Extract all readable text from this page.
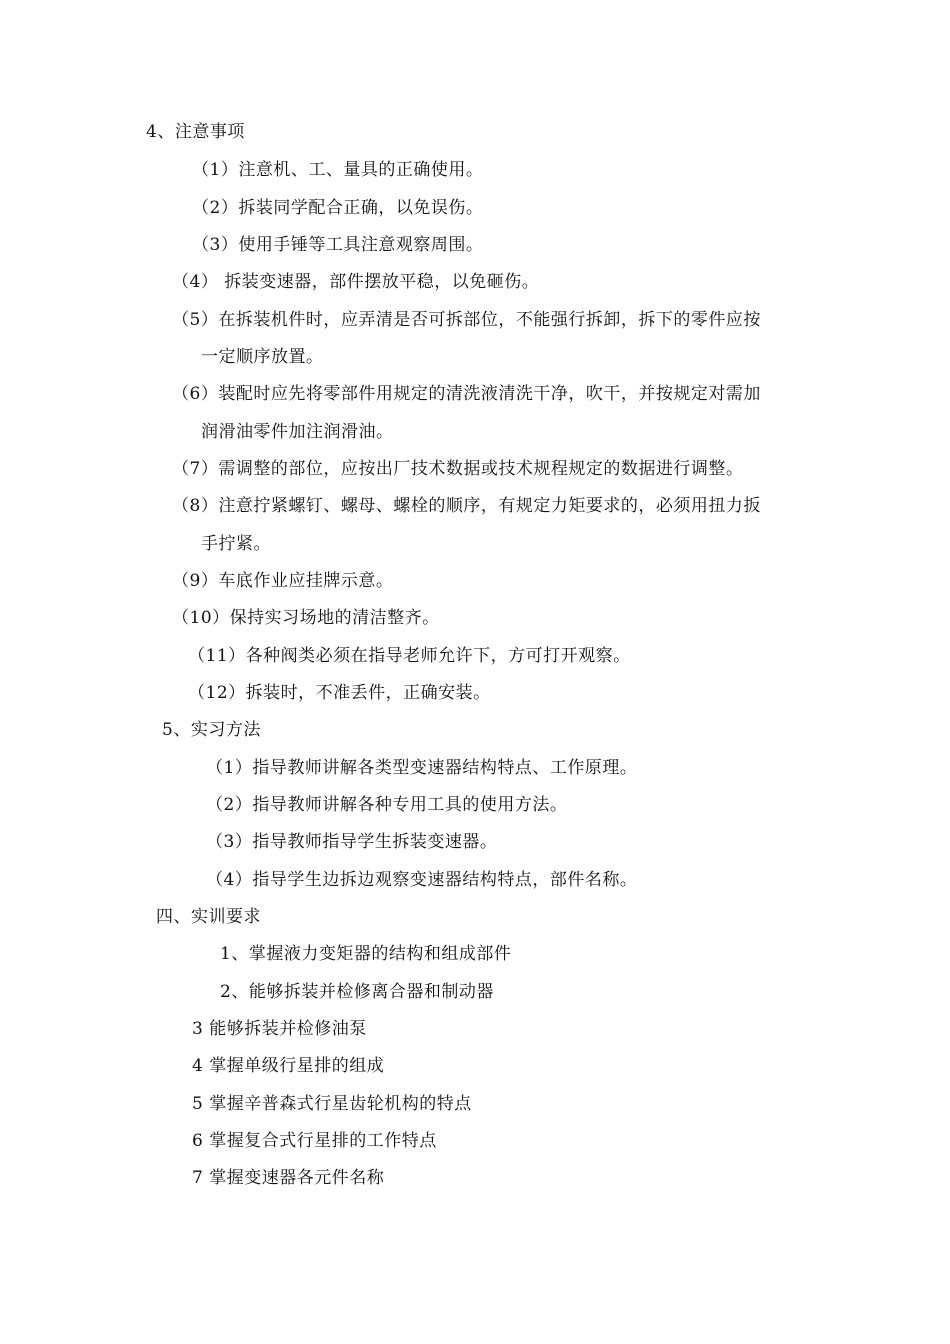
4、注意事项
（1）注意机、工、量具的正确使用。
（2）拆装同学配合正确，以免误伤。
（3）使用手锤等工具注意观察周围。
（4） 拆装变速器，部件摆放平稳，以免砸伤。
（5）在拆装机件时，应弄清是否可拆部位，不能强行拆卸，拆下的零件应按
一定顺序放置。
（6）装配时应先将零部件用规定的清洗液清洗干净，吹干，并按规定对需加
润滑油零件加注润滑油。
（7）需调整的部位，应按出厂技术数据或技术规程规定的数据进行调整。
（8）注意拧紧螺钉、螺母、螺栓的顺序，有规定力矩要求的，必须用扭力扳
手拧紧。
（9）车底作业应挂牌示意。
（10）保持实习场地的清洁整齐。
（11）各种阀类必须在指导老师允许下，方可打开观察。
（12）拆装时，不准丢件，正确安装。
5、实习方法
（1）指导教师讲解各类型变速器结构特点、工作原理。
（2）指导教师讲解各种专用工具的使用方法。
（3）指导教师指导学生拆装变速器。
（4）指导学生边拆边观察变速器结构特点，部件名称。
四、实训要求
1、掌握液力变矩器的结构和组成部件
2、能够拆装并检修离合器和制动器
3 能够拆装并检修油泵
4 掌握单级行星排的组成
5 掌握辛普森式行星齿轮机构的特点
6 掌握复合式行星排的工作特点
7 掌握变速器各元件名称
